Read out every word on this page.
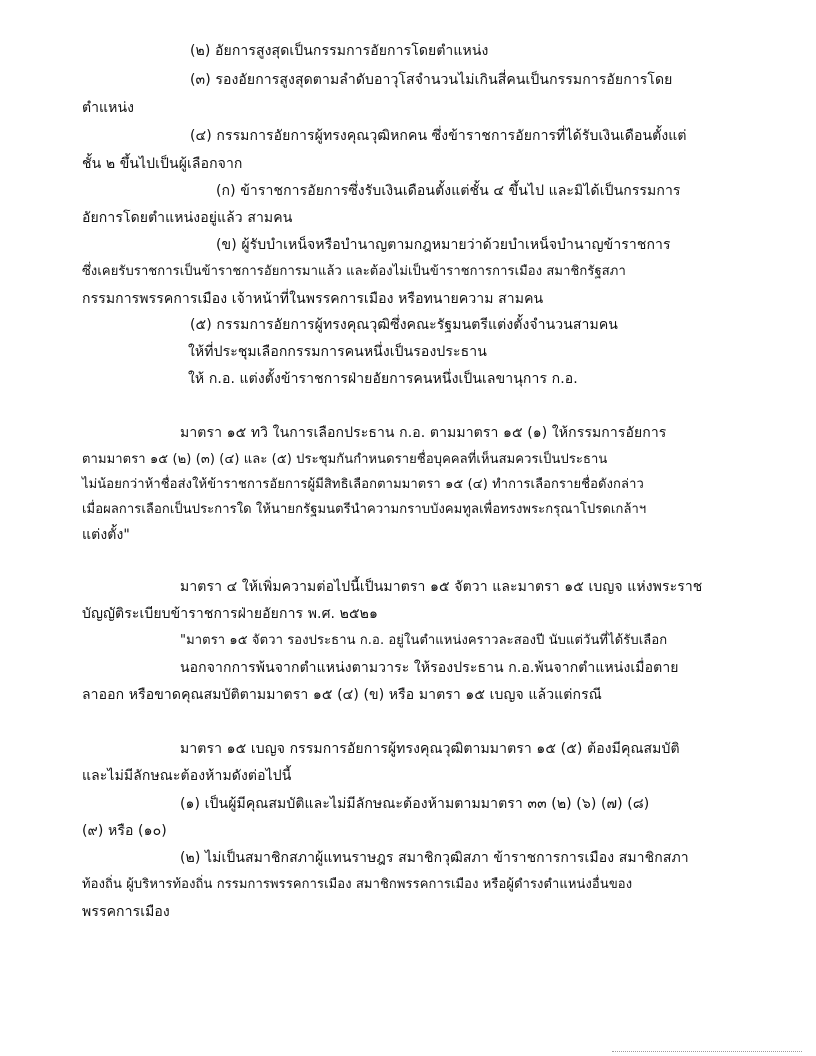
(๒) อัยการสูงสุดเป็นกรรมการอัยการโดยตำแหน่ง
(๓) รองอัยการสูงสุดตามลำดับอาวุโสจำนวนไม่เกินสี่คนเป็นกรรมการอัยการโดย
ตำแหน่ง
(๔) กรรมการอัยการผู้ทรงคุณวุฒิหกคน ซึ่งข้าราชการอัยการที่ได้รับเงินเดือนตั้งแต่
ชั้น ๒ ขึ้นไปเป็นผู้เลือกจาก
(ก) ข้าราชการอัยการซึ่งรับเงินเดือนตั้งแต่ชั้น ๔ ขึ้นไป และมิได้เป็นกรรมการ
อัยการโดยตำแหน่งอยู่แล้ว สามคน
(ข) ผู้รับบำเหน็จหรือบำนาญตามกฎหมายว่าด้วยบำเหน็จบำนาญข้าราชการ
ซึ่งเคยรับราชการเป็นข้าราชการอัยการมาแล้ว และต้องไม่เป็นข้าราชการการเมือง สมาชิกรัฐสภา
กรรมการพรรคการเมือง เจ้าหน้าที่ในพรรคการเมือง หรือทนายความ สามคน
(๕) กรรมการอัยการผู้ทรงคุณวุฒิซึ่งคณะรัฐมนตรีแต่งตั้งจำนวนสามคน
ให้ที่ประชุมเลือกกรรมการคนหนึ่งเป็นรองประธาน
ให้ ก.อ. แต่งตั้งข้าราชการฝ่ายอัยการคนหนึ่งเป็นเลขานุการ ก.อ.
มาตรา ๑๕ ทวิ ในการเลือกประธาน ก.อ. ตามมาตรา ๑๕ (๑) ให้กรรมการอัยการ
ตามมาตรา ๑๕ (๒) (๓) (๔) และ (๕) ประชุมกันกำหนดรายชื่อบุคคลที่เห็นสมควรเป็นประธาน
ไม่น้อยกว่าห้าชื่อส่งให้ข้าราชการอัยการผู้มีสิทธิเลือกตามมาตรา ๑๕ (๔) ทำการเลือกรายชื่อดังกล่าว
เมื่อผลการเลือกเป็นประการใด ให้นายกรัฐมนตรีนำความกราบบังคมทูลเพื่อทรงพระกรุณาโปรดเกล้าฯ
แต่งตั้ง"
มาตรา ๔ ให้เพิ่มความต่อไปนี้เป็นมาตรา ๑๕ จัตวา และมาตรา ๑๕ เบญจ แห่งพระราช
บัญญัติระเบียบข้าราชการฝ่ายอัยการ พ.ศ. ๒๕๒๑
"มาตรา ๑๕ จัตวา รองประธาน ก.อ. อยู่ในตำแหน่งคราวละสองปี นับแต่วันที่ได้รับเลือก
นอกจากการพ้นจากตำแหน่งตามวาระ ให้รองประธาน ก.อ.พ้นจากตำแหน่งเมื่อตาย
ลาออก หรือขาดคุณสมบัติตามมาตรา ๑๕ (๔) (ข) หรือ มาตรา ๑๕ เบญจ แล้วแต่กรณี
มาตรา ๑๕ เบญจ กรรมการอัยการผู้ทรงคุณวุฒิตามมาตรา ๑๕ (๕) ต้องมีคุณสมบัติ
และไม่มีลักษณะต้องห้ามดังต่อไปนี้
(๑) เป็นผู้มีคุณสมบัติและไม่มีลักษณะต้องห้ามตามมาตรา ๓๓ (๒) (๖) (๗) (๘)
(๙) หรือ (๑๐)
(๒) ไม่เป็นสมาชิกสภาผู้แทนราษฎร สมาชิกวุฒิสภา ข้าราชการการเมือง สมาชิกสภา
ท้องถิ่น ผู้บริหารท้องถิ่น กรรมการพรรคการเมือง สมาชิกพรรคการเมือง หรือผู้ดำรงตำแหน่งอื่นของ
พรรคการเมือง
